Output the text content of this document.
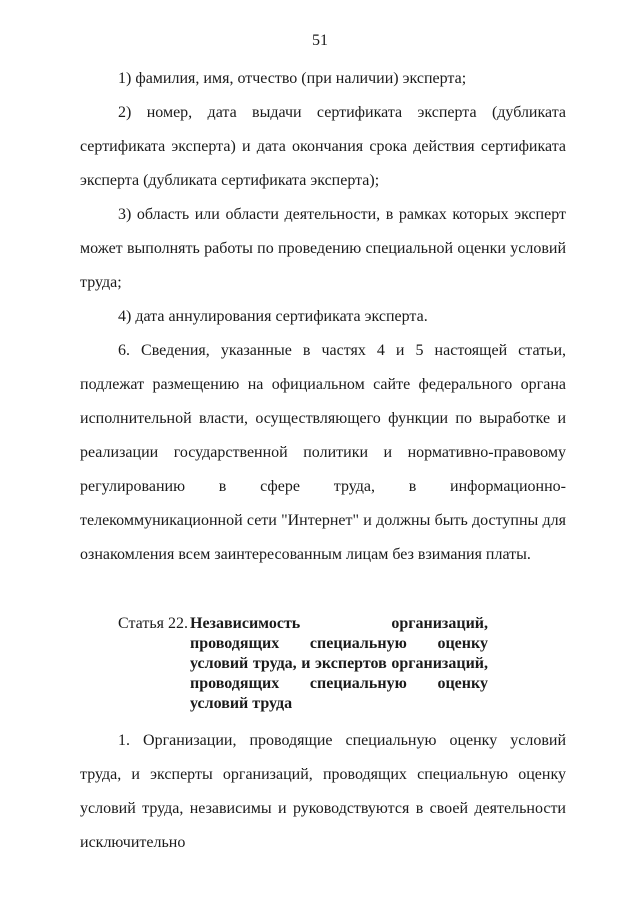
51
1) фамилия, имя, отчество (при наличии) эксперта;
2) номер, дата выдачи сертификата эксперта (дубликата сертификата эксперта) и дата окончания срока действия сертификата эксперта (дубликата сертификата эксперта);
3) область или области деятельности, в рамках которых эксперт может выполнять работы по проведению специальной оценки условий труда;
4) дата аннулирования сертификата эксперта.
6. Сведения, указанные в частях 4 и 5 настоящей статьи, подлежат размещению на официальном сайте федерального органа исполнительной власти, осуществляющего функции по выработке и реализации государственной политики и нормативно-правовому регулированию в сфере труда, в информационно-телекоммуникационной сети "Интернет" и должны быть доступны для ознакомления всем заинтересованным лицам без взимания платы.
Статья 22. Независимость организаций, проводящих специальную оценку условий труда, и экспертов организаций, проводящих специальную оценку условий труда
1. Организации, проводящие специальную оценку условий труда, и эксперты организаций, проводящих специальную оценку условий труда, независимы и руководствуются в своей деятельности исключительно
